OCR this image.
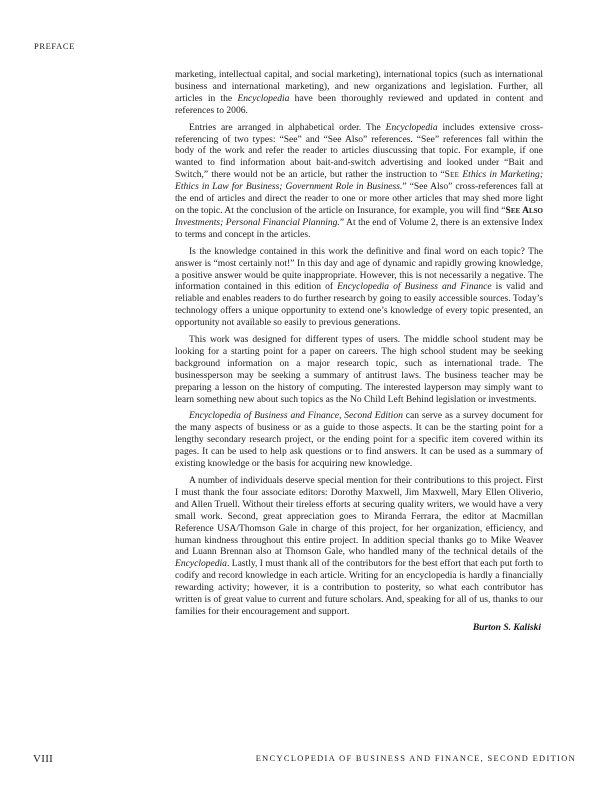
PREFACE

marketing, intellectual capital, and social marketing), international topics (such as international business and international marketing), and new organizations and legislation. Further, all articles in the Encyclopedia have been thoroughly reviewed and updated in content and references to 2006.

Entries are arranged in alphabetical order. The Encyclopedia includes extensive cross-referencing of two types: “See” and “See Also” references. “See” references fall within the body of the work and refer the reader to articles diuscussing that topic. For example, if one wanted to find information about bait-and-switch advertising and looked under “Bait and Switch,” there would not be an article, but rather the instruction to “See Ethics in Marketing; Ethics in Law for Business; Government Role in Business.” “See Also” cross-references fall at the end of articles and direct the reader to one or more other articles that may shed more light on the topic. At the conclusion of the article on Insurance, for example, you will find “See Also Investments; Personal Financial Planning.” At the end of Volume 2, there is an extensive Index to terms and concept in the articles.

Is the knowledge contained in this work the definitive and final word on each topic? The answer is “most certainly not!” In this day and age of dynamic and rapidly growing knowledge, a positive answer would be quite inappropriate. However, this is not necessarily a negative. The information contained in this edition of Encyclopedia of Business and Finance is valid and reliable and enables readers to do further research by going to easily accessible sources. Today’s technology offers a unique opportunity to extend one’s knowledge of every topic presented, an opportunity not available so easily to previous generations.

This work was designed for different types of users. The middle school student may be looking for a starting point for a paper on careers. The high school student may be seeking background information on a major research topic, such as international trade. The businessperson may be seeking a summary of antitrust laws. The business teacher may be preparing a lesson on the history of computing. The interested layperson may simply want to learn something new about such topics as the No Child Left Behind legislation or investments.

Encyclopedia of Business and Finance, Second Edition can serve as a survey document for the many aspects of business or as a guide to those aspects. It can be the starting point for a lengthy secondary research project, or the ending point for a specific item covered within its pages. It can be used to help ask questions or to find answers. It can be used as a summary of existing knowledge or the basis for acquiring new knowledge.

A number of individuals deserve special mention for their contributions to this project. First I must thank the four associate editors: Dorothy Maxwell, Jim Maxwell, Mary Ellen Oliverio, and Allen Truell. Without their tireless efforts at securing quality writers, we would have a very small work. Second, great appreciation goes to Miranda Ferrara, the editor at Macmillan Reference USA/Thomson Gale in charge of this project, for her organization, efficiency, and human kindness throughout this entire project. In addition special thanks go to Mike Weaver and Luann Brennan also at Thomson Gale, who handled many of the technical details of the Encyclopedia. Lastly, I must thank all of the contributors for the best effort that each put forth to codify and record knowledge in each article. Writing for an encyclopedia is hardly a financially rewarding activity; however, it is a contribution to posterity, so what each contributor has written is of great value to current and future scholars. And, speaking for all of us, thanks to our families for their encouragement and support.

Burton S. Kaliski
VIII	ENCYCLOPEDIA OF BUSINESS AND FINANCE, SECOND EDITION
